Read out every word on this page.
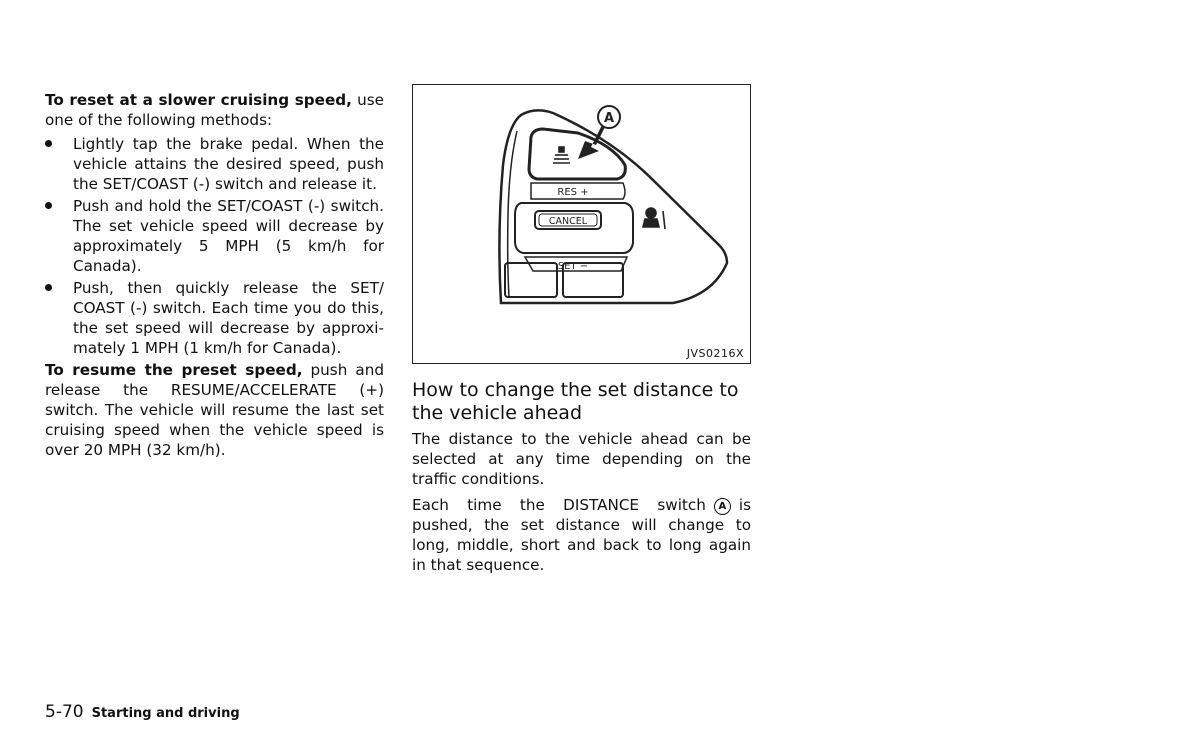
To reset at a slower cruising speed, use one of the following methods:

Lightly tap the brake pedal. When the vehicle attains the desired speed, push the SET/COAST (-) switch and release it.
Push and hold the SET/COAST (-) switch. The set vehicle speed will decrease by approximately 5 MPH (5 km/h for Canada).
Push, then quickly release the SET/ COAST (-) switch. Each time you do this, the set speed will decrease by approxi- mately 1 MPH (1 km/h for Canada).

To resume the preset speed, push and release the RESUME/ACCELERATE (+) switch. The vehicle will resume the last set cruising speed when the vehicle speed is over 20 MPH (32 km/h).

A
RES +
CANCEL
SET −
JVS0216X
How to change the set distance to the vehicle ahead

The distance to the vehicle ahead can be selected at any time depending on the traffic conditions.

Each time the DISTANCE switch A is pushed, the set distance will change to long, middle, short and back to long again in that sequence.

5-70 Starting and driving
